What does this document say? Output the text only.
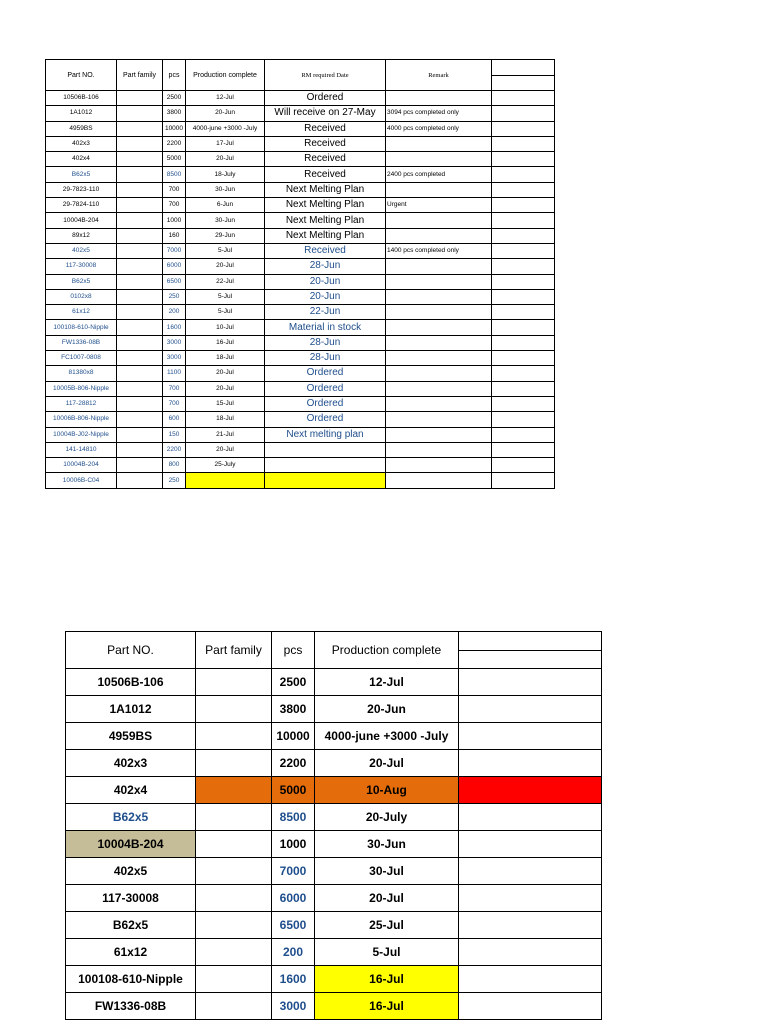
Part NO.	Part family	pcs	Production complete	RM required Date	Remark	

10506B-106		2500	12-Jul	Ordered		
1A1012		3800	20-Jun	Will receive on 27-May	3094 pcs completed only	
4959BS		10000	4000-june +3000 -July	Received	4000 pcs completed only	
402x3		2200	17-Jul	Received		
402x4		5000	20-Jul	Received		
B62x5		8500	18-July	Received	2400 pcs completed	
29-7823-110		700	30-Jun	Next Melting Plan		
29-7824-110		700	6-Jun	Next Melting Plan	Urgent	
10004B-204		1000	30-Jun	Next Melting Plan		
89x12		160	29-Jun	Next Melting Plan		
402x5		7000	5-Jul	Received	1400 pcs completed only	
117-30008		6000	20-Jul	28-Jun		
B62x5		6500	22-Jul	20-Jun		
0102x8		250	5-Jul	20-Jun		
61x12		200	5-Jul	22-Jun		
100108-610-Nipple		1600	10-Jul	Material in stock		
FW1336-08B		3000	16-Jul	28-Jun		
FC1007-0808		3000	18-Jul	28-Jun		
81380x8		1100	20-Jul	Ordered		
10005B-806-Nipple		700	20-Jul	Ordered		
117-28812		700	15-Jul	Ordered		
10006B-806-Nipple		600	18-Jul	Ordered		
10004B-J02-Nipple		150	21-Jul	Next melting plan		
141-14810		2200	20-Jul			
10004B-204		800	25-July			
10006B-C04		250				
Part NO.	Part family	pcs	Production complete	

10506B-106		2500	12-Jul	
1A1012		3800	20-Jun	
4959BS		10000	4000-june +3000 -July	
402x3		2200	20-Jul	
402x4		5000	10-Aug	
B62x5		8500	20-July	
10004B-204		1000	30-Jun	
402x5		7000	30-Jul	
117-30008		6000	20-Jul	
B62x5		6500	25-Jul	
61x12		200	5-Jul	
100108-610-Nipple		1600	16-Jul	
FW1336-08B		3000	16-Jul	
